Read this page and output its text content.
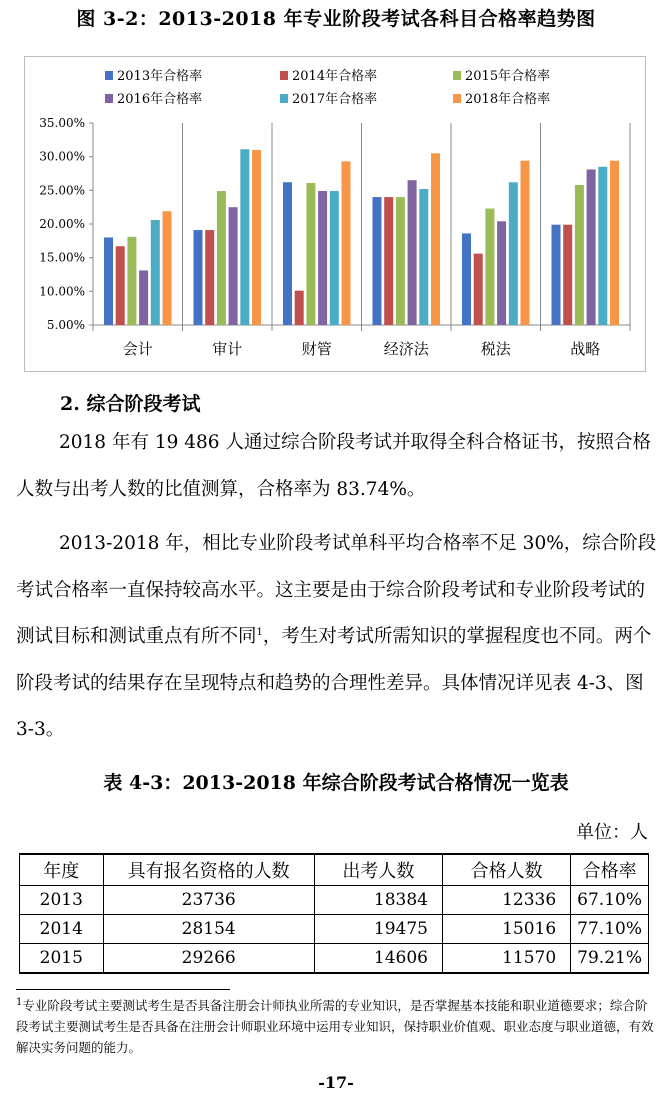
图 3-2：2013-2018 年专业阶段考试各科目合格率趋势图
2013年合格率	2014年合格率	2015年合格率
2016年合格率	2017年合格率	2018年合格率
35.00%
30.00%
25.00%
20.00%
15.00%
10.00%
5.00%
会计	审计	财管	经济法	税法	战略
2. 综合阶段考试

2018 年有 19 486 人通过综合阶段考试并取得全科合格证书，按照合格人数与出考人数的比值测算，合格率为 83.74%。

2013-2018 年，相比专业阶段考试单科平均合格率不足 30%，综合阶段考试合格率一直保持较高水平。这主要是由于综合阶段考试和专业阶段考试的测试目标和测试重点有所不同$^1$，考生对考试所需知识的掌握程度也不同。两个阶段考试的结果存在呈现特点和趋势的合理性差异。具体情况详见表 4-3、图 3-3。

表 4-3：2013-2018 年综合阶段考试合格情况一览表
单位：人
年度	具有报名资格的人数	出考人数	合格人数	合格率
2013	23736	18384	12336	67.10%
2014	28154	19475	15016	77.10%
2015	29266	14606	11570	79.21%

$^1$专业阶段考试主要测试考生是否具备注册会计师执业所需的专业知识，是否掌握基本技能和职业道德要求；综合阶段考试主要测试考生是否具备在注册会计师职业环境中运用专业知识，保持职业价值观、职业态度与职业道德，有效解决实务问题的能力。

-17-
